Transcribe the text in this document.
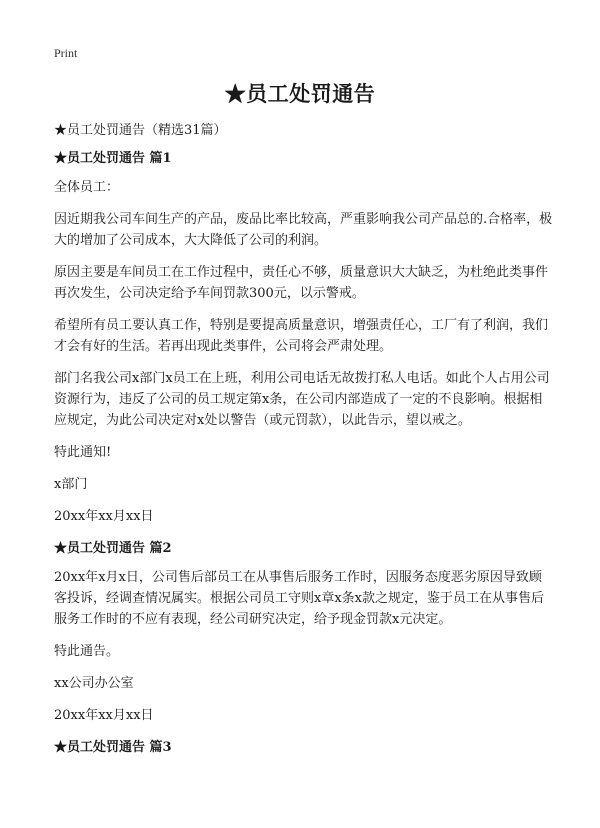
Print
★员工处罚通告

★员工处罚通告（精选31篇）

★员工处罚通告 篇1

全体员工：

因近期我公司车间生产的产品，废品比率比较高，严重影响我公司产品总的.合格率，极大的增加了公司成本，大大降低了公司的利润。

原因主要是车间员工在工作过程中，责任心不够，质量意识大大缺乏，为杜绝此类事件再次发生，公司决定给予车间罚款300元，以示警戒。

希望所有员工要认真工作，特别是要提高质量意识，增强责任心，工厂有了利润，我们才会有好的生活。若再出现此类事件，公司将会严肃处理。

部门名我公司x部门x员工在上班，利用公司电话无故拨打私人电话。如此个人占用公司资源行为，违反了公司的员工规定第x条，在公司内部造成了一定的不良影响。根据相应规定，为此公司决定对x处以警告（或元罚款），以此告示，望以戒之。

特此通知!

x部门

20xx年xx月xx日

★员工处罚通告 篇2

20xx年x月x日，公司售后部员工在从事售后服务工作时，因服务态度恶劣原因导致顾客投诉，经调查情况属实。根据公司员工守则x章x条x款之规定，鉴于员工在从事售后服务工作时的不应有表现，经公司研究决定，给予现金罚款x元决定。

特此通告。

xx公司办公室

20xx年xx月xx日

★员工处罚通告 篇3
